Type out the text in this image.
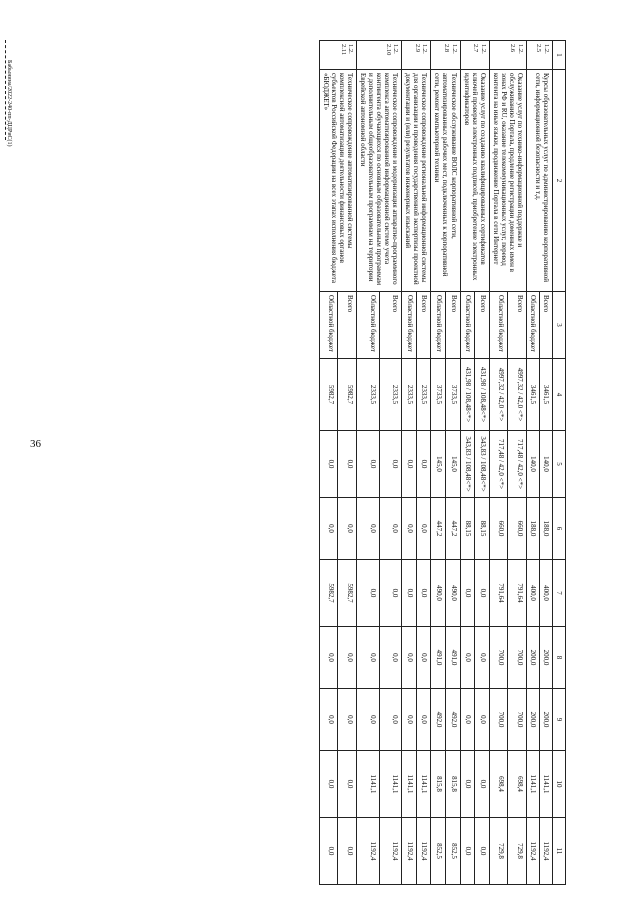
36
1	2	3	4	5	6	7	8	9	10	11
1.2.
2.5	Курсы образовательных услуг по администрированию корпоративной сети, информационной безопасности и т.д.	Всего	3461,5	140,0	188,0	400,0	200,0	200,0	1141,1	1192,4
		Областной бюджет	3461,5	140,0	188,0	400,0	200,0	200,0	1141,1	1192,4
1.2.
2.6	Оказание услуг по технико-информационной поддержке и обслуживанию Портала, продление регистрации доменных имен в зонах РФ и RU, оказание телекоммуникационных услуг, перевод контента на иные языки, продвижение Портала в сети Интернет	Всего	4997,32 / 42,0 <*>	717,48 / 42,0 <*>	660,0	791,64	700,0	700,0	698,4	729,8
		Областной бюджет	4997,32 / 42,0 <*>	717,48 / 42,0 <*>	660,0	791,64	700,0	700,0	698,4	729,8
1.2.
2.7	Оказание услуг по созданию квалифицированных сертификатов ключей проверки электронных подписей, приобретение электронных идентификаторов	Всего	431,98 / 108,48<*>	343,83 / 108,48<*>	88,15	0,0	0,0	0,0	0,0	0,0
		Областной бюджет	431,98 / 108,48<*>	343,83 / 108,48<*>	88,15	0,0	0,0	0,0	0,0	0,0
1.2.
2.8	Техническое обслуживание ВОЛС корпоративной сети, автоматизированных рабочих мест, подключенных к корпоративной сети, ремонт компьютерной техники	Всего	3733,5	145,0	447,2	490,0	491,0	492,0	815,8	852,5
		Областной бюджет	3733,5	145,0	447,2	490,0	491,0	492,0	815,8	852,5
1.2.
2.9	Техническое сопровождение региональной информационной системы для организации и проведения государственной экспертизы проектной документации и (или) результатов инженерных изысканий	Всего	2333,5	0,0	0,0	0,0	0,0	0,0	1141,1	1192,4
		Областной бюджет	2333,5	0,0	0,0	0,0	0,0	0,0	1141,1	1192,4
1.2.
2.10	Техническое сопровождение и модернизация аппаратно-программного комплекса автоматизированной информационной системе учета контингента обучающихся по основным образовательным программам и дополнительным общеобразовательным программам на территории Еврейской автономной области	Всего	2333,5	0,0	0,0	0,0	0,0	0,0	1141,1	1192,4
		Областной бюджет	2333,5	0,0	0,0	0,0	0,0	0,0	1141,1	1192,4
1.2.
2.11	Техническое сопровождение автоматизированной системы комплексной автоматизации деятельности финансовых органов субъектов Российской Федерации на всех этапах исполнения бюджета «БЮДЖЕТ»	Всего	5982,7	0,0	0,0	5982,7	0,0	0,0	0,0	0,0
		Областной бюджет	5982,7	0,0	0,0	5982,7	0,0	0,0	0,0	0,0
Бабынина/2022-240-пп-ДЦРиС(1)
